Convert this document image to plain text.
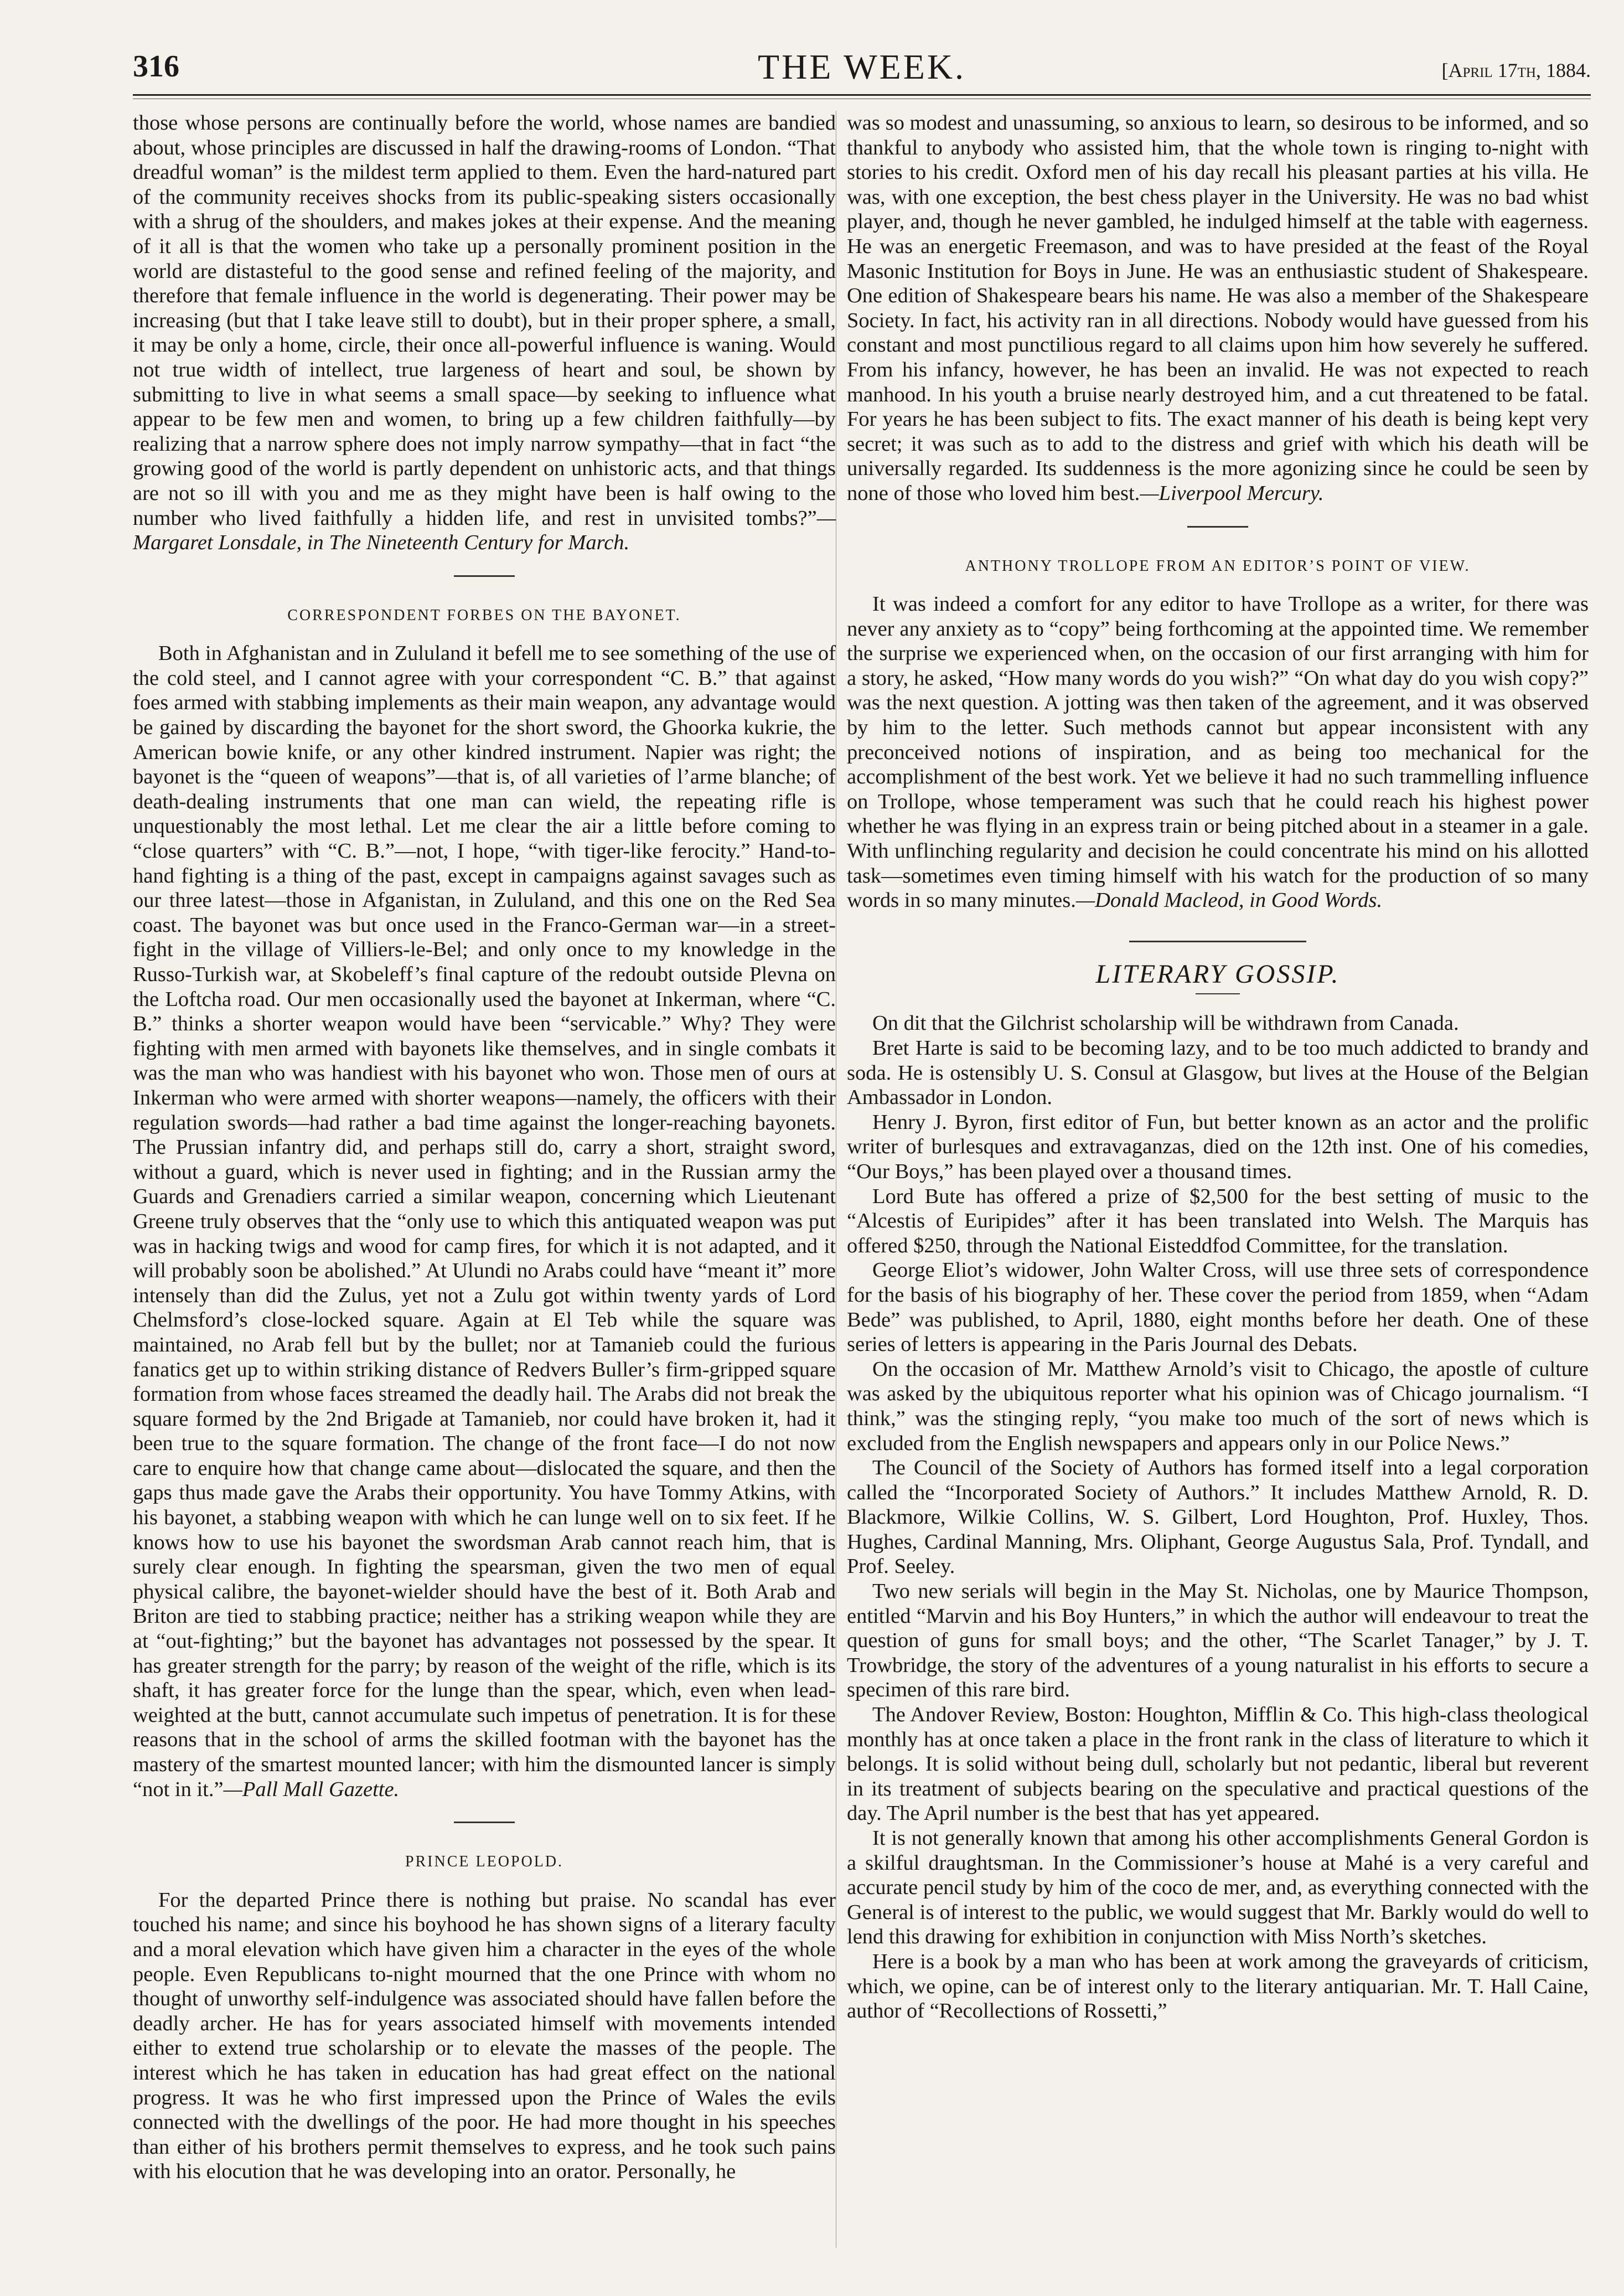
316	THE WEEK.	[April 17th, 1884.

those whose persons are continually before the world, whose names are bandied about, whose principles are discussed in half the drawing-rooms of London. “That dreadful woman” is the mildest term applied to them. Even the hard-natured part of the community receives shocks from its public-speaking sisters occasionally with a shrug of the shoulders, and makes jokes at their expense. And the meaning of it all is that the women who take up a personally prominent position in the world are distasteful to the good sense and refined feeling of the majority, and therefore that female influence in the world is degenerating. Their power may be increasing (but that I take leave still to doubt), but in their proper sphere, a small, it may be only a home, circle, their once all-powerful influence is waning. Would not true width of intellect, true largeness of heart and soul, be shown by submitting to live in what seems a small space—by seeking to influence what appear to be few men and women, to bring up a few children faithfully—by realizing that a narrow sphere does not imply narrow sympathy—that in fact “the growing good of the world is partly dependent on unhistoric acts, and that things are not so ill with you and me as they might have been is half owing to the number who lived faithfully a hidden life, and rest in unvisited tombs?”—Margaret Lonsdale, in The Nineteenth Century for March.

CORRESPONDENT FORBES ON THE BAYONET.

Both in Afghanistan and in Zululand it befell me to see something of the use of the cold steel, and I cannot agree with your correspondent “C. B.” that against foes armed with stabbing implements as their main weapon, any advantage would be gained by discarding the bayonet for the short sword, the Ghoorka kukrie, the American bowie knife, or any other kindred instrument. Napier was right; the bayonet is the “queen of weapons”—that is, of all varieties of l’arme blanche; of death-dealing instruments that one man can wield, the repeating rifle is unquestionably the most lethal. Let me clear the air a little before coming to “close quarters” with “C. B.”—not, I hope, “with tiger-like ferocity.” Hand-to-hand fighting is a thing of the past, except in campaigns against savages such as our three latest—those in Afganistan, in Zululand, and this one on the Red Sea coast. The bayonet was but once used in the Franco-German war—in a street-fight in the village of Villiers-le-Bel; and only once to my knowledge in the Russo-Turkish war, at Skobeleff’s final capture of the redoubt outside Plevna on the Loftcha road. Our men occasionally used the bayonet at Inkerman, where “C. B.” thinks a shorter weapon would have been “servicable.” Why? They were fighting with men armed with bayonets like themselves, and in single combats it was the man who was handiest with his bayonet who won. Those men of ours at Inkerman who were armed with shorter weapons—namely, the officers with their regulation swords—had rather a bad time against the longer-reaching bayonets. The Prussian infantry did, and perhaps still do, carry a short, straight sword, without a guard, which is never used in fighting; and in the Russian army the Guards and Grenadiers carried a similar weapon, concerning which Lieutenant Greene truly observes that the “only use to which this antiquated weapon was put was in hacking twigs and wood for camp fires, for which it is not adapted, and it will probably soon be abolished.” At Ulundi no Arabs could have “meant it” more intensely than did the Zulus, yet not a Zulu got within twenty yards of Lord Chelmsford’s close-locked square. Again at El Teb while the square was maintained, no Arab fell but by the bullet; nor at Tamanieb could the furious fanatics get up to within striking distance of Redvers Buller’s firm-gripped square formation from whose faces streamed the deadly hail. The Arabs did not break the square formed by the 2nd Brigade at Tamanieb, nor could have broken it, had it been true to the square formation. The change of the front face—I do not now care to enquire how that change came about—dislocated the square, and then the gaps thus made gave the Arabs their opportunity. You have Tommy Atkins, with his bayonet, a stabbing weapon with which he can lunge well on to six feet. If he knows how to use his bayonet the swordsman Arab cannot reach him, that is surely clear enough. In fighting the spearsman, given the two men of equal physical calibre, the bayonet-wielder should have the best of it. Both Arab and Briton are tied to stabbing practice; neither has a striking weapon while they are at “out-fighting;” but the bayonet has advantages not possessed by the spear. It has greater strength for the parry; by reason of the weight of the rifle, which is its shaft, it has greater force for the lunge than the spear, which, even when lead-weighted at the butt, cannot accumulate such impetus of penetration. It is for these reasons that in the school of arms the skilled footman with the bayonet has the mastery of the smartest mounted lancer; with him the dismounted lancer is simply “not in it.”—Pall Mall Gazette.

PRINCE LEOPOLD.

For the departed Prince there is nothing but praise. No scandal has ever touched his name; and since his boyhood he has shown signs of a literary faculty and a moral elevation which have given him a character in the eyes of the whole people. Even Republicans to-night mourned that the one Prince with whom no thought of unworthy self-indulgence was associated should have fallen before the deadly archer. He has for years associated himself with movements intended either to extend true scholarship or to elevate the masses of the people. The interest which he has taken in education has had great effect on the national progress. It was he who first impressed upon the Prince of Wales the evils connected with the dwellings of the poor. He had more thought in his speeches than either of his brothers permit themselves to express, and he took such pains with his elocution that he was developing into an orator. Personally, he

was so modest and unassuming, so anxious to learn, so desirous to be informed, and so thankful to anybody who assisted him, that the whole town is ringing to-night with stories to his credit. Oxford men of his day recall his pleasant parties at his villa. He was, with one exception, the best chess player in the University. He was no bad whist player, and, though he never gambled, he indulged himself at the table with eagerness. He was an energetic Freemason, and was to have presided at the feast of the Royal Masonic Institution for Boys in June. He was an enthusiastic student of Shakespeare. One edition of Shakespeare bears his name. He was also a member of the Shakespeare Society. In fact, his activity ran in all directions. Nobody would have guessed from his constant and most punctilious regard to all claims upon him how severely he suffered. From his infancy, however, he has been an invalid. He was not expected to reach manhood. In his youth a bruise nearly destroyed him, and a cut threatened to be fatal. For years he has been subject to fits. The exact manner of his death is being kept very secret; it was such as to add to the distress and grief with which his death will be universally regarded. Its suddenness is the more agonizing since he could be seen by none of those who loved him best.—Liverpool Mercury.

ANTHONY TROLLOPE FROM AN EDITOR’S POINT OF VIEW.

It was indeed a comfort for any editor to have Trollope as a writer, for there was never any anxiety as to “copy” being forthcoming at the appointed time. We remember the surprise we experienced when, on the occasion of our first arranging with him for a story, he asked, “How many words do you wish?” “On what day do you wish copy?” was the next question. A jotting was then taken of the agreement, and it was observed by him to the letter. Such methods cannot but appear inconsistent with any preconceived notions of inspiration, and as being too mechanical for the accomplishment of the best work. Yet we believe it had no such trammelling influence on Trollope, whose temperament was such that he could reach his highest power whether he was flying in an express train or being pitched about in a steamer in a gale. With unflinching regularity and decision he could concentrate his mind on his allotted task—sometimes even timing himself with his watch for the production of so many words in so many minutes.—Donald Macleod, in Good Words.

LITERARY GOSSIP.

On dit that the Gilchrist scholarship will be withdrawn from Canada.

Bret Harte is said to be becoming lazy, and to be too much addicted to brandy and soda. He is ostensibly U. S. Consul at Glasgow, but lives at the House of the Belgian Ambassador in London.

Henry J. Byron, first editor of Fun, but better known as an actor and the prolific writer of burlesques and extravaganzas, died on the 12th inst. One of his comedies, “Our Boys,” has been played over a thousand times.

Lord Bute has offered a prize of $2,500 for the best setting of music to the “Alcestis of Euripides” after it has been translated into Welsh. The Marquis has offered $250, through the National Eisteddfod Committee, for the translation.

George Eliot’s widower, John Walter Cross, will use three sets of correspondence for the basis of his biography of her. These cover the period from 1859, when “Adam Bede” was published, to April, 1880, eight months before her death. One of these series of letters is appearing in the Paris Journal des Debats.

On the occasion of Mr. Matthew Arnold’s visit to Chicago, the apostle of culture was asked by the ubiquitous reporter what his opinion was of Chicago journalism. “I think,” was the stinging reply, “you make too much of the sort of news which is excluded from the English newspapers and appears only in our Police News.”

The Council of the Society of Authors has formed itself into a legal corporation called the “Incorporated Society of Authors.” It includes Matthew Arnold, R. D. Blackmore, Wilkie Collins, W. S. Gilbert, Lord Houghton, Prof. Huxley, Thos. Hughes, Cardinal Manning, Mrs. Oliphant, George Augustus Sala, Prof. Tyndall, and Prof. Seeley.

Two new serials will begin in the May St. Nicholas, one by Maurice Thompson, entitled “Marvin and his Boy Hunters,” in which the author will endeavour to treat the question of guns for small boys; and the other, “The Scarlet Tanager,” by J. T. Trowbridge, the story of the adventures of a young naturalist in his efforts to secure a specimen of this rare bird.

The Andover Review, Boston: Houghton, Mifflin & Co. This high-class theological monthly has at once taken a place in the front rank in the class of literature to which it belongs. It is solid without being dull, scholarly but not pedantic, liberal but reverent in its treatment of subjects bearing on the speculative and practical questions of the day. The April number is the best that has yet appeared.

It is not generally known that among his other accomplishments General Gordon is a skilful draughtsman. In the Commissioner’s house at Mahé is a very careful and accurate pencil study by him of the coco de mer, and, as everything connected with the General is of interest to the public, we would suggest that Mr. Barkly would do well to lend this drawing for exhibition in conjunction with Miss North’s sketches.

Here is a book by a man who has been at work among the graveyards of criticism, which, we opine, can be of interest only to the literary antiquarian. Mr. T. Hall Caine, author of “Recollections of Rossetti,”
